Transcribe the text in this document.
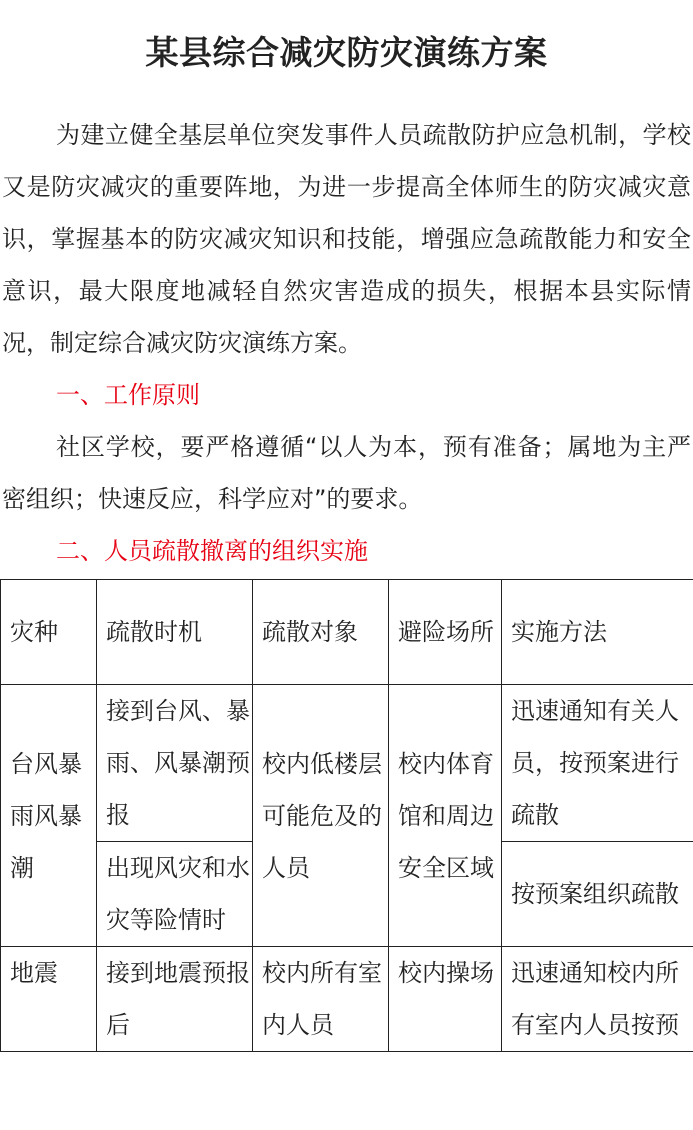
某县综合减灾防灾演练方案

为建立健全基层单位突发事件人员疏散防护应急机制，学校又是防灾减灾的重要阵地，为进一步提高全体师生的防灾减灾意识，掌握基本的防灾减灾知识和技能，增强应急疏散能力和安全意识，最大限度地减轻自然灾害造成的损失，根据本县实际情况，制定综合减灾防灾演练方案。

一、工作原则

社区学校，要严格遵循“以人为本，预有准备；属地为主严密组织；快速反应，科学应对”的要求。

二、人员疏散撤离的组织实施

灾种	疏散时机	疏散对象	避险场所	实施方法
台风暴雨风暴潮	接到台风、暴雨、风暴潮预报	校内低楼层可能危及的人员	校内体育馆和周边安全区域	迅速通知有关人员，按预案进行疏散
	出现风灾和水灾等险情时			按预案组织疏散
地震	接到地震预报后	校内所有室内人员	校内操场	迅速通知校内所有室内人员按预
